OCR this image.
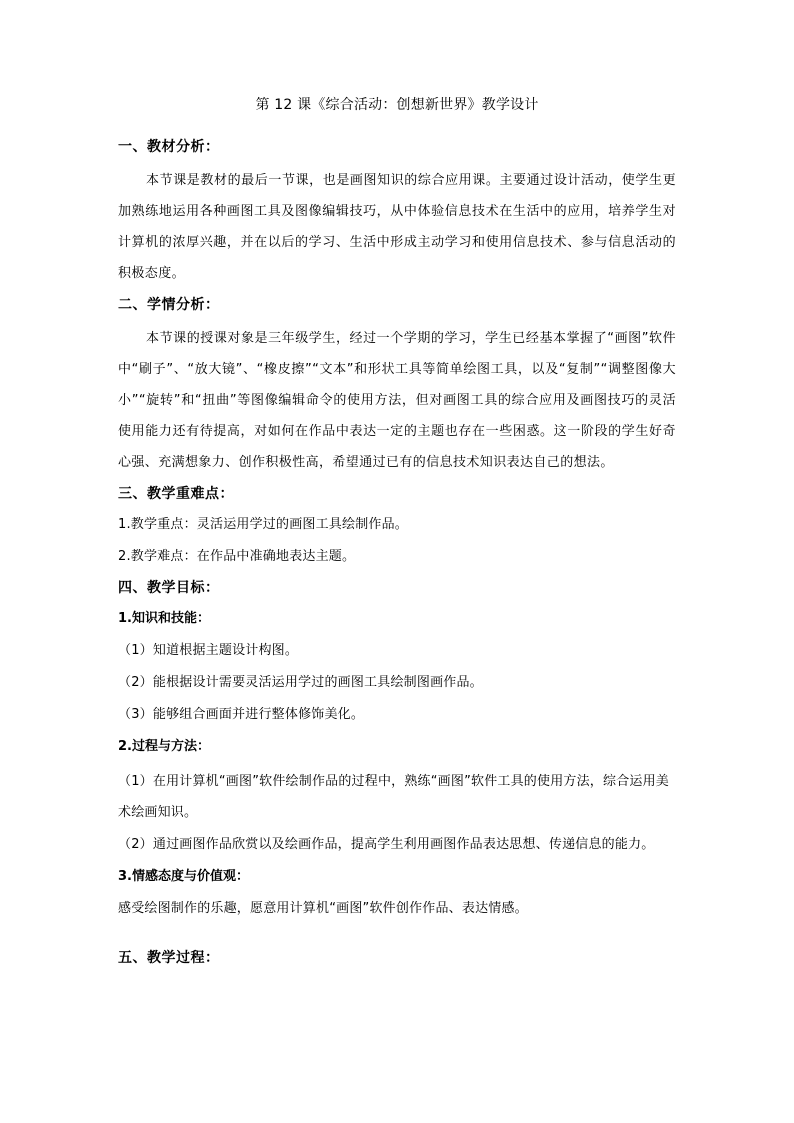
第 12 课《综合活动：创想新世界》教学设计
一、教材分析：

本节课是教材的最后一节课，也是画图知识的综合应用课。主要通过设计活动，使学生更加熟练地运用各种画图工具及图像编辑技巧，从中体验信息技术在生活中的应用，培养学生对计算机的浓厚兴趣，并在以后的学习、生活中形成主动学习和使用信息技术、参与信息活动的积极态度。

二、学情分析：

本节课的授课对象是三年级学生，经过一个学期的学习，学生已经基本掌握了“画图”软件中“刷子”、“放大镜”、“橡皮擦”“文本”和形状工具等简单绘图工具，以及“复制”“调整图像大小”“旋转”和“扭曲”等图像编辑命令的使用方法，但对画图工具的综合应用及画图技巧的灵活使用能力还有待提高，对如何在作品中表达一定的主题也存在一些困惑。这一阶段的学生好奇心强、充满想象力、创作积极性高，希望通过已有的信息技术知识表达自己的想法。

三、教学重难点：
1.教学重点：灵活运用学过的画图工具绘制作品。
2.教学难点：在作品中准确地表达主题。
四、教学目标：
1.知识和技能：
（1）知道根据主题设计构图。
（2）能根据设计需要灵活运用学过的画图工具绘制图画作品。
（3）能够组合画面并进行整体修饰美化。
2.过程与方法：
（1）在用计算机“画图”软件绘制作品的过程中，熟练“画图”软件工具的使用方法，综合运用美术绘画知识。
（2）通过画图作品欣赏以及绘画作品，提高学生利用画图作品表达思想、传递信息的能力。
3.情感态度与价值观：
感受绘图制作的乐趣，愿意用计算机“画图”软件创作作品、表达情感。
五、教学过程：
